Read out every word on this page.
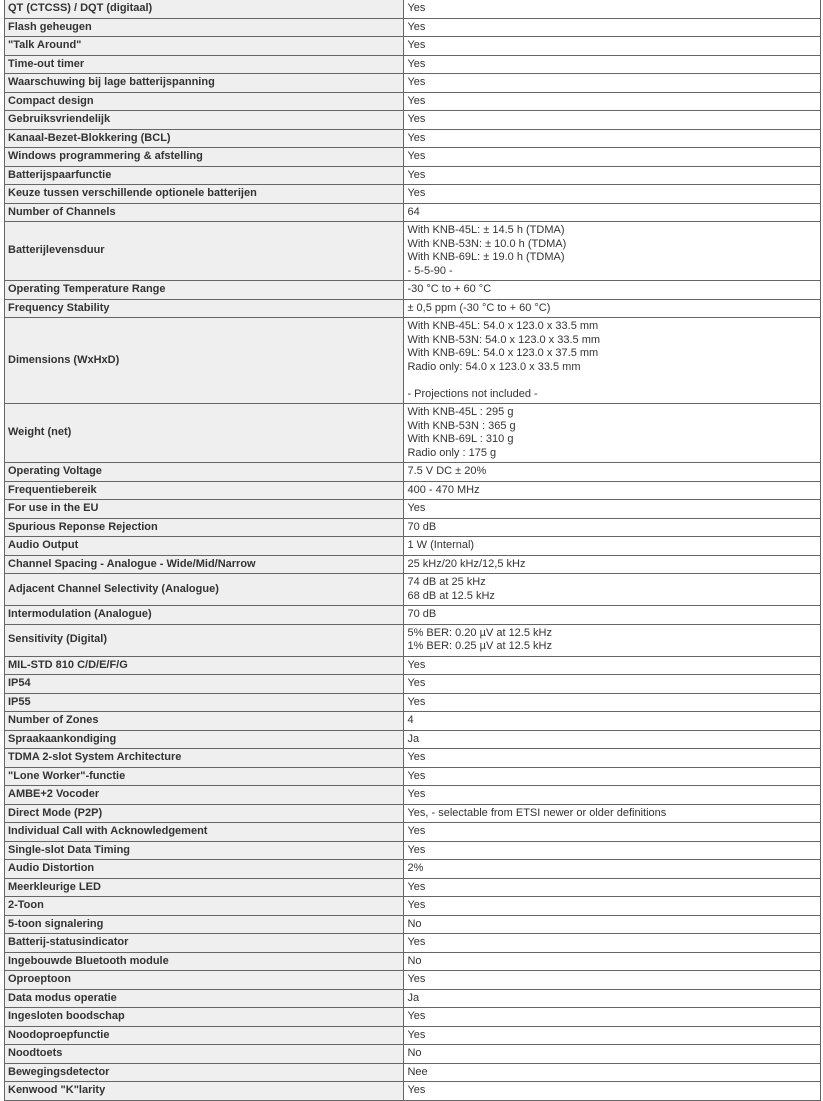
QT (CTCSS) / DQT (digitaal)	Yes

Flash geheugen	Yes

"Talk Around"	Yes

Time-out timer	Yes

Waarschuwing bij lage batterijspanning	Yes

Compact design	Yes

Gebruiksvriendelijk	Yes

Kanaal-Bezet-Blokkering (BCL)	Yes

Windows programmering & afstelling	Yes

Batterijspaarfunctie	Yes

Keuze tussen verschillende optionele batterijen	Yes

Number of Channels	64

Batterijlevensduur	With KNB-45L: ± 14.5 h (TDMA)
With KNB-53N: ± 10.0 h (TDMA)
With KNB-69L: ± 19.0 h (TDMA)
- 5-5-90 -

Operating Temperature Range	-30 °C to + 60 °C

Frequency Stability	± 0,5 ppm (-30 °C to + 60 °C)

Dimensions (WxHxD)	With KNB-45L: 54.0 x 123.0 x 33.5 mm
With KNB-53N: 54.0 x 123.0 x 33.5 mm
With KNB-69L: 54.0 x 123.0 x 37.5 mm
Radio only: 54.0 x 123.0 x 33.5 mm
- Projections not included -

Weight (net)	With KNB-45L : 295 g
With KNB-53N : 365 g
With KNB-69L : 310 g
Radio only : 175 g

Operating Voltage	7.5 V DC ± 20%

Frequentiebereik	400 - 470 MHz

For use in the EU	Yes

Spurious Reponse Rejection	70 dB

Audio Output	1 W (Internal)

Channel Spacing - Analogue - Wide/Mid/Narrow	25 kHz/20 kHz/12,5 kHz

Adjacent Channel Selectivity (Analogue)	74 dB at 25 kHz
68 dB at 12.5 kHz

Intermodulation (Analogue)	70 dB

Sensitivity (Digital)	5% BER: 0.20 µV at 12.5 kHz
1% BER: 0.25 µV at 12.5 kHz

MIL-STD 810 C/D/E/F/G	Yes

IP54	Yes

IP55	Yes

Number of Zones	4

Spraakaankondiging	Ja

TDMA 2-slot System Architecture	Yes

"Lone Worker"-functie	Yes

AMBE+2 Vocoder	Yes

Direct Mode (P2P)	Yes, - selectable from ETSI newer or older definitions

Individual Call with Acknowledgement	Yes

Single-slot Data Timing	Yes

Audio Distortion	2%

Meerkleurige LED	Yes

2-Toon	Yes

5-toon signalering	No

Batterij-statusindicator	Yes

Ingebouwde Bluetooth module	No

Oproeptoon	Yes

Data modus operatie	Ja

Ingesloten boodschap	Yes

Noodoproepfunctie	Yes

Noodtoets	No

Bewegingsdetector	Nee

Kenwood "K"larity	Yes
